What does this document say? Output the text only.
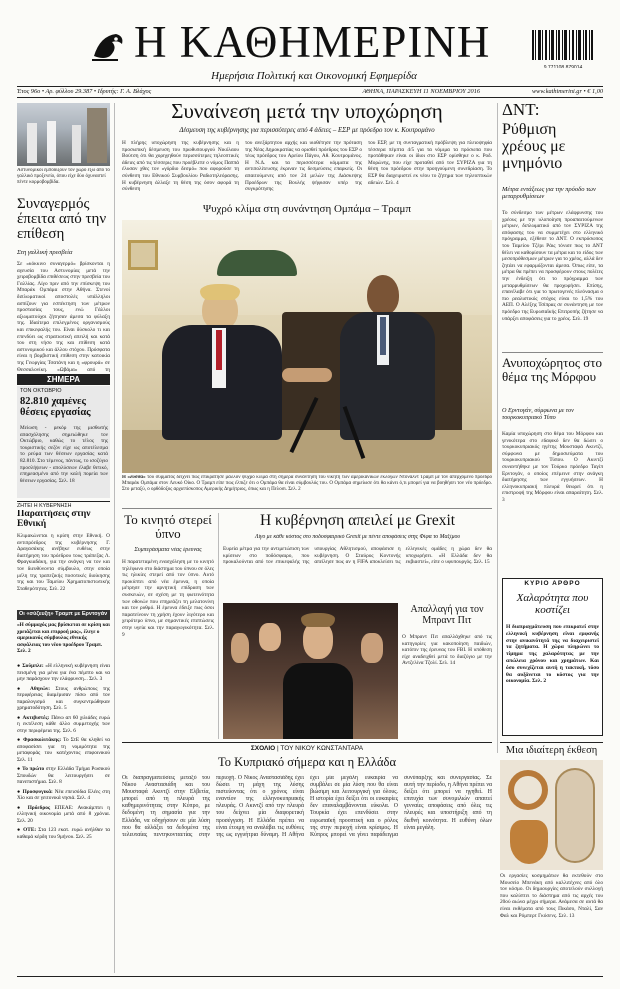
Η ΚΑΘΗΜΕΡΙΝΗ
Ημερήσια Πολιτική και Οικονομική Εφημερίδα
9 771108 879014
Έτος 96ο • Αρ. φύλλου 29.387 • Ιδρυτής: Γ. Α. Βλάχος	ΑΘΗΝΑ, ΠΑΡΑΣΚΕΥΗ 11 ΝΟΕΜΒΡΙΟΥ 2016	www.kathimerini.gr • € 1,00
Αστυνομικοί εμποδίζουν τον χώρο έξω από το γαλλικό προξενείο, όπου είχε δύο όχυναστεί πέντε κορμοβομβίδα.
Συναγερμός έπειτα από την επίθεση
Στη γαλλική πρεσβεία
Σε «κόκκινο συναγερμό» βρίσκονται η αγευσία του Αστυνομίας μετά την χειροβομβίδα επιθέσεως στην πρεσβεία του Γαλλίας. Λίγο πριν από την επίσκεψη του Μπαράκ Ομπάμα στην Αθήνα. Στενοί διπλωματικοί αποστολές υπάλληλοι ασπίζουν για εσπέκτηση των μέτρων προστασίας τους, ενώ Γάλλοι αξιωματούχοι ζήτησαν άμεσα τα φύλαξη της. Ιδιαίτερα επιλεγμένος οργανισμούς και επικεφαλής του. Είναι δύσκολο τι και επενδύει ως στρατιωτική απειλή και κατά του στη νήσο της και επίθεση κατά αστυνομικού και άλλου στόχου. Πρόσφατα είναι η βομβιστική επίθεση στην κατοικία της Γεωργίας Τσατάνη και η «φρουρά» σε Θεσσαλονίκη. «Ωβάμα» από τη
ΣΗΜΕΡΑ
ΤΟΝ ΟΚΤΩΒΡΙΟ
82.810 χαμένες θέσεις εργασίας
Μείωση - ρεκόρ της μισθωτής απασχόλησης σημειώθηκε τον Οκτώβριο, καθώς το τέλος της τουριστικής σεζόν είχε ως αποτέλεσμα το ρεύμα των θέσεων εργασίας κατά 82.810. Στο τέμενος, πάντως, το ισοζύγιο προσλήψεων - απολύσεων έλαβε θετικό, επηρεασμένο από την καλή πορεία των θέσεων εργασίας. Σελ. 18
ΖΗΤΕΙ Η ΚΥΒΕΡΝΗΣΗ
Παραιτήσεις στην Εθνική
Κλιμακώνεται η κρίση στην Εθνική. Ο αντιπρόεδρος της κυβέρνησης Γ. Δραγασάκης ανέβηκε ευθέως στην διατήρηση του πρόεδρου τους τράπεζας Λ. Φραγκιαδάκη, για την ανάγκη να τον και τον διευθύνοντα σύμβουλο, στην οποία μέλη της τραπεζικής ποσοτικές διοίκησης της και του Ταμείου Χρηματοπιστωτικής Σταθερότητας. Σελ. 22
Οι «σύζευξη» Τραμπ με Ερντογάν
«Η σύμμαχός μας βρίσκεται σε κρίση και χρειάζεται και επιρροή μας», έλεγε ο αμερικανός σύμβουλος εθνικής ασφάλειας του νέου προέδρου Τραμπ. Σελ. 2
● Σούμπλε: «Η ελληνική κυβέρνηση είναι πεισμένη για μένα για ένα πέμπτο και να μην παράσχουν την ελάφρυνση... Σελ. 3
● Αθηνών: Στους ανθρώπους της περιφέρειας διαμέρισαν πίσω από τον παραλογισμό και συγκεντρώθηκαν χρηματοδότηση. Σελ. 5
● Ακτιβιστές: Πάνω απ 60 χιλιάδες ευρώ η εκτέλεση κάθε άλλο συμμετοχής των στην περιφέρεια της. Σελ. 6
● Φρασκολιτάκης: Το ΣτΕ θα κληθεί να αποφασίσει για τη νομιμότητα της μεταφοράς του κατέχοντος επιφοινικού Σελ. 11
● Το πρώτο στην Ελλάδα Τμήμα Ρωσικού Σπουδών θα λειτουργήσει σε πανεπιστήμια. Σελ. 8
● Προσφυγικά: Νέα επεισόδια Ελέες στη Χίο και σε γειτονικά νησιά. Σελ. 4
● Πρόεδρος ΕΠΕΑΕ: Ανακάμπτει η ελληνική οικονομία μετά από 8 χρόνια. Σελ. 20
● ΟΤΕ: Στα 123 εκατ. ευρώ ανήλθαν τα καθαρά κέρδη του 9μήνου. Σελ. 25
Συναίνεση μετά την υποχώρηση
Δέσμευση της κυβέρνησης για περισσότερες από 4 άδειες – ΕΣΡ με πρόεδρο τον κ. Κουτρομάνο
Η πλήρης υποχώρηση της κυβέρνησης και η προσωπική δέσμευση του πρωθυπουργού Νικόλαου Βούτση ότι θα χορηγηθούν περισσότερες τηλεοπτικές άδειες από τις τέσσερις που προέβλεπε ο νόμος Παππά έλυσαν χθες τον «γόρδιο δεσμό» που αφορούσε τη σύνθεση του Εθνικού Συμβουλίου Ραδιοτηλεόρασης. Η κυβέρνηση άλλαξε τη θέση της όσον αφορά τη σύνθεση
του ανεξάρτητου αρχής και υιοθέτησε την πρόταση της Νέας Δημοκρατίας να ορισθεί πρόεδρος του ΕΣΡ ο τέως πρόεδρος του Αρείου Πάγου, Αθ. Κουτρομάνος. Η Ν.Δ. και τα περισσότερα κόμματα της αντιπολίτευσης έκριναν τις δεσμεύσεις επαρκείς. Οι απαιτούμενες από τον 24 μελών της Διάσκεψης Προέδρων της Βουλής ψήφισαν υπέρ της συγκρότησης
του ΕΣΡ, με τη συνταγματική πρόβλεψη για πλειοψηφία τέσσερα πέμπτα 4/5 για τα νόμιμα τα πρόσωπα που προτάθηκαν είναι οι ίδιοι στο ΕΣΡ ορίσθηκε ο κ. Ροδ. Μορώνης, που είχε προταθεί από τον ΣΥΡΙΖΑ για τη θέση του πρόεδρου στην προηγούμενη συνεδρίαση. Το ΕΣΡ θα διαχειριστεί εκ νέου το ζήτημα των τηλεοπτικών αδειών. Σελ. 4
Ψυχρό κλίμα στη συνάντηση Ομπάμα – Τραμπ
Η «λύσσα» του σύρματος δείχνει πως επικράτησε μάλλον ψυχρό κλίμα στη σήμερα συνάντηση του νικητή των αμερικανικών εκλογών Ντόναλντ Τραμπ με τον απερχόμενο πρόεδρο Μπαράκ Ομπάμα στον Λευκό Οίκο. Ο Τραμπ είπε πως έλπιζε ότι ο Ομπάμα θα είναι σύμβουλός του. Ο Ομπάμα σημείωσε ότι θα κάνει ό,τι μπορεί για να βοηθήσει τον νέο πρόεδρο. Στο μεταξύ, ο ορθόδοξος αρχιεπίσκοπος Αμερικής Δημήτριος, όπως και η Πελοσι. Σελ. 2
ΔΝΤ:
Ρύθμιση χρέους με μνημόνιο
Μέτρα εντάξεως για την πρόοδο των μεταρρυθμίσεων
Το σύνδεσμο των μέτρων ελάφρυνσης του χρέους με την υλοποίηση προαπαιτούμενων μέτρων, διπλωματικό από τον ΣΥΡΙΖΑ της απόφασης του να συμμετέχει στο ελληνικό πρόγραμμα, εξέθεσε το ΔΝΤ. Ο εκπρόσωπος του Ταμείου Τζέρι Ράις τόνισε πως το ΔΝΤ θέλει να καθορίσουν τα μέτρα και το είδος των μεσοπρόθεσμων μέτρων για το χρέος, αλλά δεν ζητάει να εφαρμόζονται άμεσα. Όπως είπε, τα μέτρα θα πρέπει να προσφέρουν στους πολίτες την ένδειξη ότι το πρόγραμμα των μεταρρυθμίσεων θα προχωρήσει. Επίσης, επανέλαβε ότι για το πρωτογενές πλεόνασμα ο πιο ρεαλιστικός στόχος είναι το 1,5% του ΑΕΠ. Ο Αλέξης Τσίπρας σε συνάντηση με τον πρόεδρο της Ευρωπαϊκής Επιτροπής ζήτησε να υπάρξει αποφάσεις για το χρέος. Σελ. 19
Ανυποχώρητος στο θέμα της Μόρφου
Ο Ερντογάν, σύμφωνα με τον τουρκοκυπριακό Τύπο
Καμία υποχώρηση στο θέμα του Μόρφου και γενικότερα στο εδαφικό δεν θα δώσει ο τουρκοκυπριακός ηγέτης Μουσταφά Ακιντζί, σύμφωνα με δημοσιεύματα του τουρκοκυπριακού Τύπου. Ο Ακιντζί συναντήθηκε με τον Τούρκο πρόεδρο Ταγίπ Ερντογάν, ο οποίος επέμεινε στην ανάγκη διατήρησης των εγγυήσεων. Η ελληνοκυπριακή πλευρά θεωρεί ότι η επιστροφή της Μόρφου είναι απαραίτητη. Σελ. 3
ΚΥΡΙΟ ΑΡΘΡΟ
Χαλαρότητα που κοστίζει
Η διαπραγμάτευση που επικρατεί στην ελληνική κυβέρνηση είναι εμφανής στην ανικανότητά της να διαχειριστεί τα ζητήματα. Η χώρα πληρώνει το τίμημα της χαλαρότητας με την απώλεια χρόνου και χρημάτων. Και όσο συνεχίζεται αυτή η τακτική, τόσο θα αυξάνεται το κόστος για την οικονομία. Σελ. 2
Το κινητό στερεί ύπνο
Συμπεράσματα νέας έρευνας
Η παρατεταμένη ενασχόληση με το κινητό τηλέφωνο στο διάστημα του ύπνου σε όλες τις ηλικίες στερεί από τον ύπνο. Αυτό προκύπτει από νέα έρευνα, η οποία μέτρησε την αρνητική επίδραση των συσκευών, σε σχέση με τη φωτεινότητα των οθονών που επηρεάζει τη μελατονίνη και τον ρυθμό. Η έρευνα έδειξε πως όσοι παρατείνουν τη χρήση έχουν λιγότερο και χειρότερο ύπνο, με σημαντικές επιπτώσεις στην υγεία και την παραγωγικότητα. Σελ. 9
Η κυβέρνηση απειλεί με Grexit
Λίγο με κάθε κόστος στο ποδοσφαιρικό Grexit με πέντε αποφάσεις στης Φίφα το Μαξίμου
Ευρεία μέτρα για την αντιμετώπιση των κρίσεων στο ποδόσφαιρο, που προκαλούνται από τον επικεφαλής της υπουργίας Αθλητισμού, αποφάσισε η κυβέρνηση. Ο Σταύρος Κοντονής απείλησε πως αν η FIFA αποκλείσει τις ελληνικές ομάδες η χώρα δεν θα υποχωρήσει. «Η Ελλάδα δεν θα εκβιαστεί», είπε ο υφυπουργός. Σελ. 15
Απαλλαγή για τον Μπραντ Πιτ
Ο Μπραντ Πιτ απαλλάχθηκε από τις κατηγορίες για κακοποίηση παιδιών, κατόπιν της έρευνας του FBI. Η υπόθεση είχε αναδειχθεί μετά το διαζύγιο με την Αντζελίνα Τζολί. Σελ. 14
ΣΧΟΛΙΟ | ΤΟΥ ΝΙΚΟΥ ΚΩΝΣΤΑΝΤΑΡΑ
Το Κυπριακό σήμερα και η Ελλάδα
Οι διαπραγματεύσεις μεταξύ του Νίκου Αναστασιάδη και του Μουσταφά Ακιντζί στην Ελβετία, μπορεί από τη πλευρά της καθημερινότητας στην Κύπρο, με δεδομένη τη σημασία για την Ελλάδα, να οδηγήσουν σε μία λύση που θα αλλάξει τα δεδομένα της τελευταίας πεντηκονταετίας στην περιοχή. Ο Νίκος Αναστασιάδης έχει δώσει τη μάχη της λύσης πιστεύοντας ότι ο χρόνος είναι εναντίον της ελληνοκυπριακής πλευράς. Ο Ακιντζί από την πλευρά του δείχνει μία διαφορετική προσέγγιση. Η Ελλάδα πρέπει να είναι έτοιμη να αναλάβει τις ευθύνες της ως εγγυήτρια δύναμη. Η Αθήνα έχει μία μεγάλη ευκαιρία να συμβάλει σε μία λύση που θα είναι βιώσιμη και λειτουργική για όλους. Η ιστορία έχει δείξει ότι οι ευκαιρίες δεν επαναλαμβάνονται εύκολα. Ο Τουρκία έχει επενδύσει στην ευρωπαϊκή προοπτική και ο ρόλος της στην περιοχή είναι κρίσιμος. Η Κύπρος μπορεί να γίνει παράδειγμα συνύπαρξης και συνεργασίας. Σε αυτή την περίοδο, η Αθήνα πρέπει να δείξει ότι μπορεί να ηγηθεί. Η επιτυχία των συνομιλιών απαιτεί γενναίες αποφάσεις από όλες τις πλευρές και υποστήριξη από τη διεθνή κοινότητα. Η ευθύνη όλων είναι μεγάλη.
Μια ιδιαίτερη έκθεση
Οι εργασίες κοσμημάτων θα εκτεθούν στο Μουσείο Μπενάκη από καλλιτέχνες από όλο τον κόσμο. Οι δημιουργίες αποτελούν συλλογή που καλύπτει το διάστημα από τις αρχές του 20ού αιώνα μέχρι σήμερα. Ανάμεσα σε αυτά θα είναι εκθέματα από τους Πικάσο, Νταλί, Σαν Φαλ και Ρόμπερτ Γκόσενς. Σελ. 13
